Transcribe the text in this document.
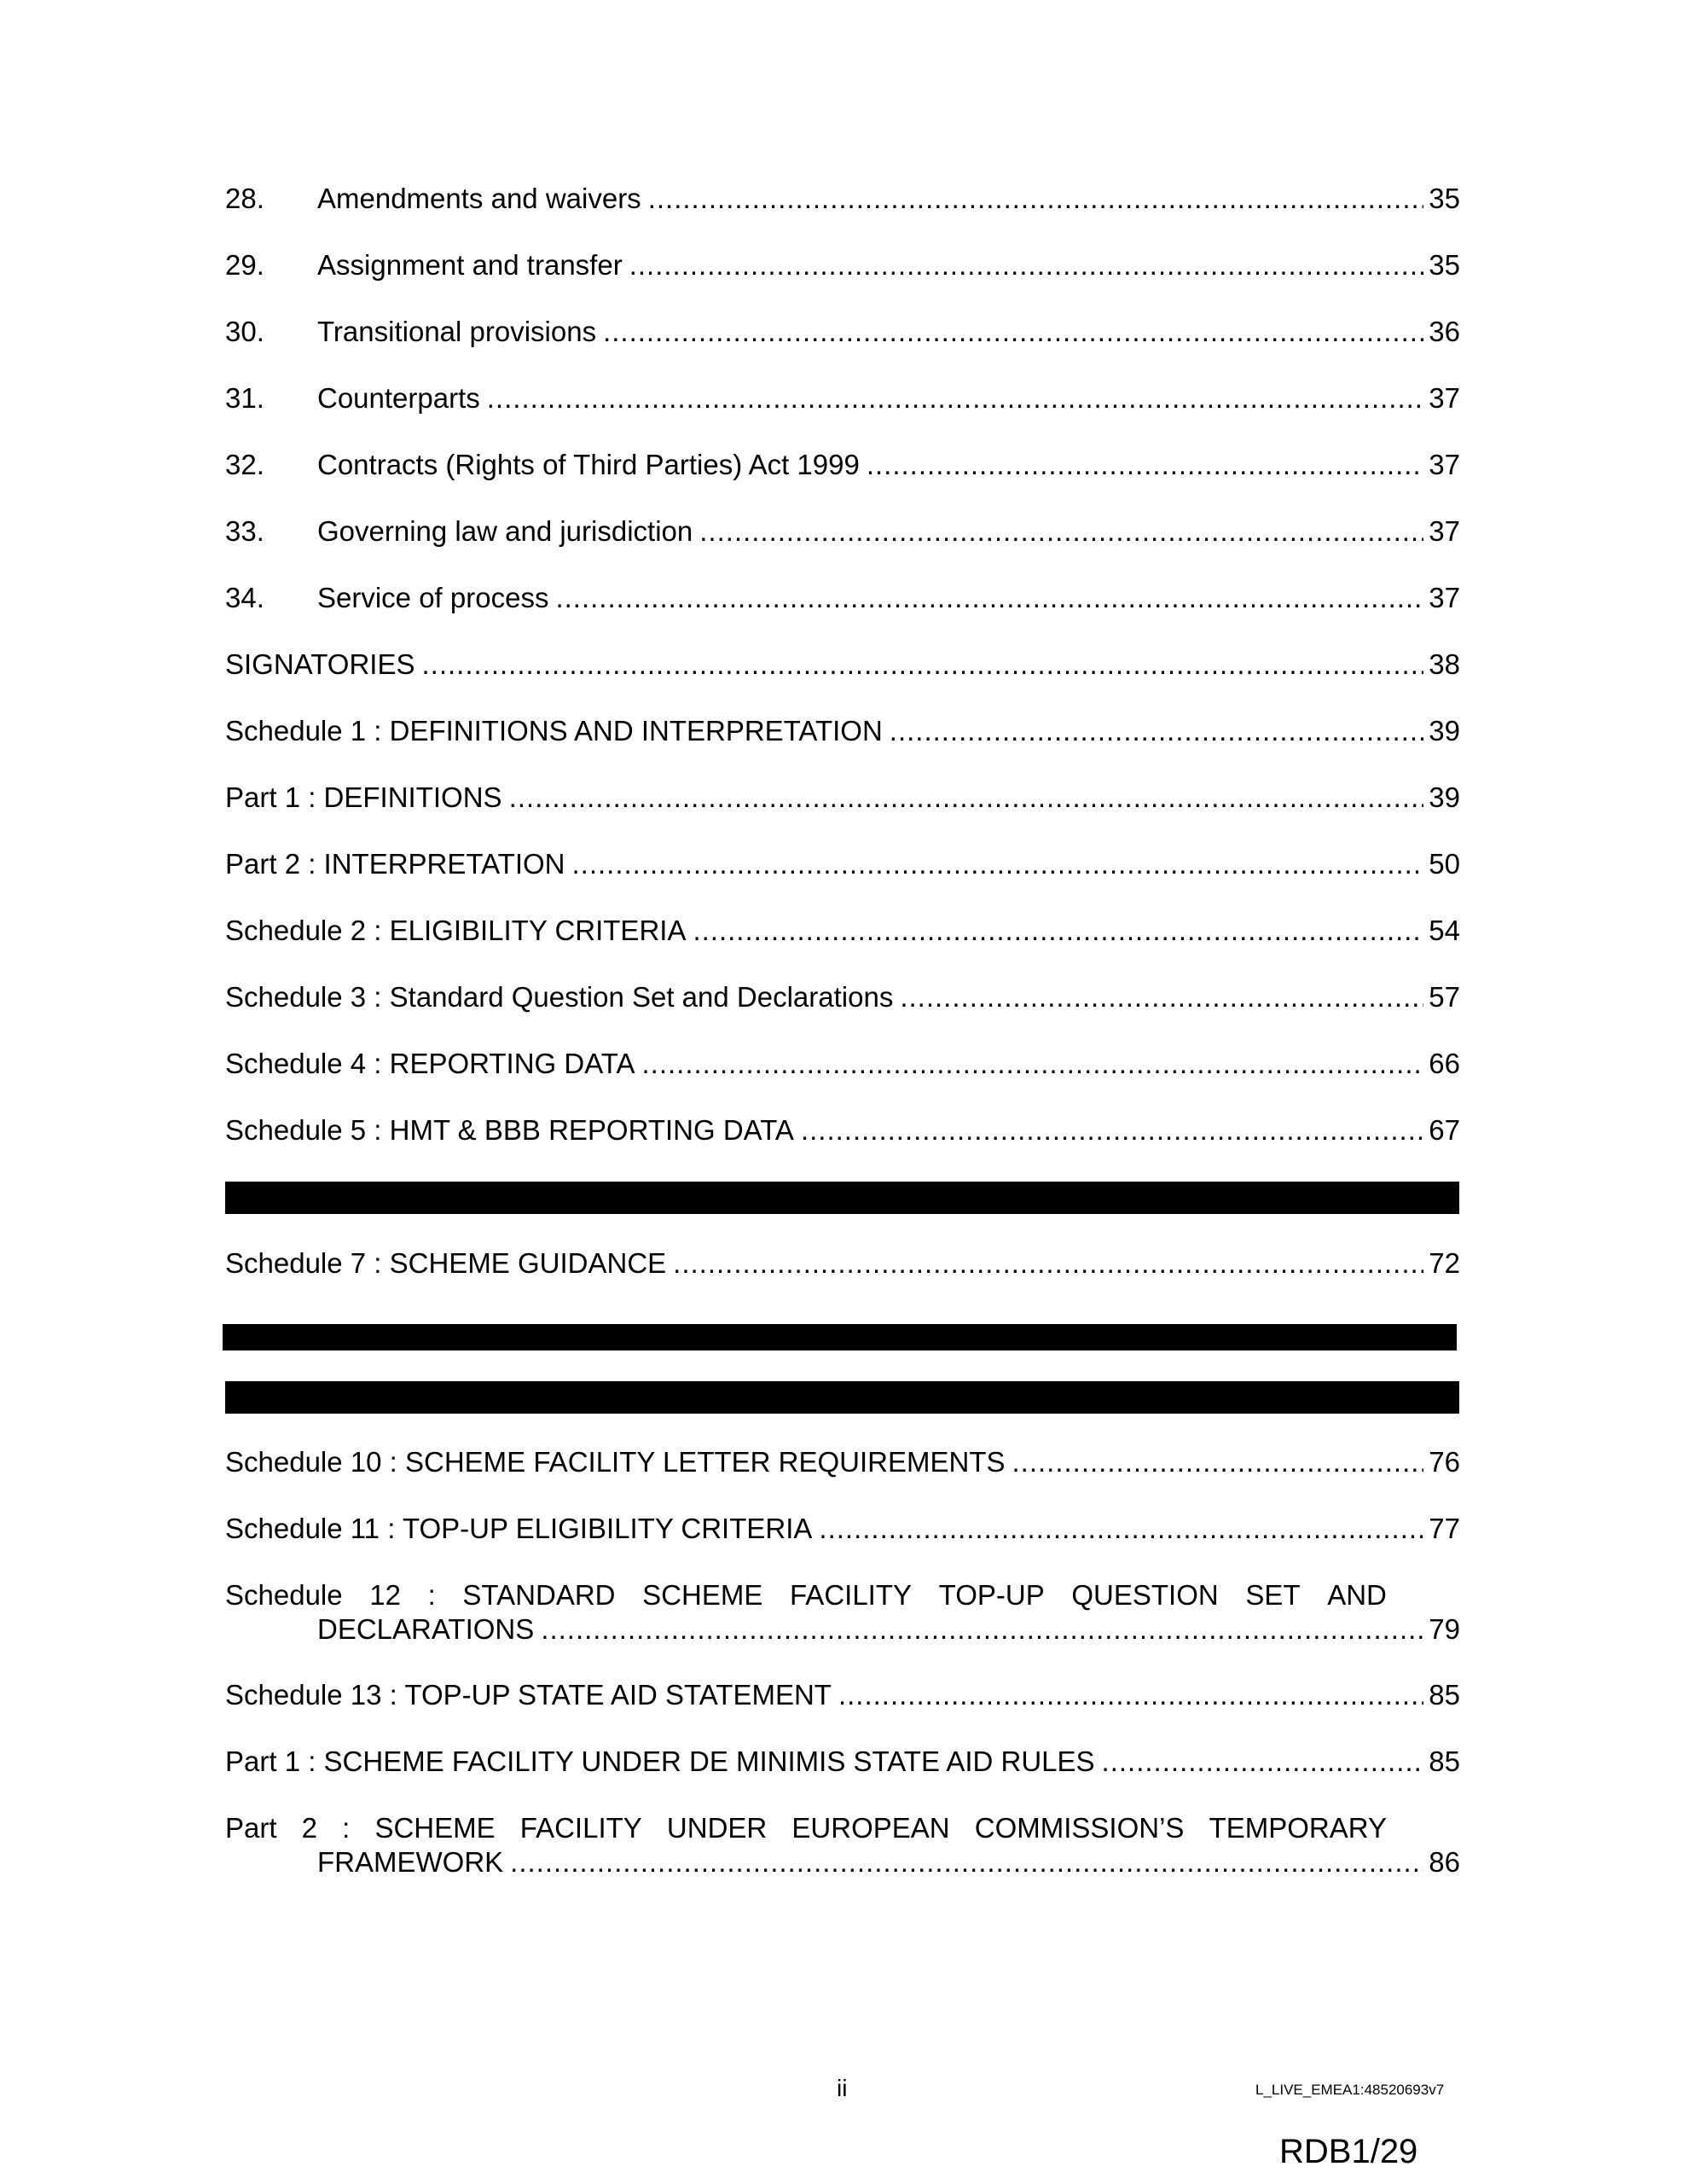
28.	Amendments and waivers .....	35
29.	Assignment and transfer .....	35
30.	Transitional provisions .....	36
31.	Counterparts .....	37
32.	Contracts (Rights of Third Parties) Act 1999 .....	37
33.	Governing law and jurisdiction .....	37
34.	Service of process .....	37
SIGNATORIES .....	38
Schedule 1 : DEFINITIONS AND INTERPRETATION .....	39
Part 1 : DEFINITIONS .....	39
Part 2 : INTERPRETATION .....	50
Schedule 2 : ELIGIBILITY CRITERIA .....	54
Schedule 3 : Standard Question Set and Declarations .....	57
Schedule 4 : REPORTING DATA .....	66
Schedule 5 : HMT & BBB REPORTING DATA .....	67
Schedule 7 : SCHEME GUIDANCE .....	72
Schedule 10 : SCHEME FACILITY LETTER REQUIREMENTS .....	76
Schedule 11 : TOP-UP ELIGIBILITY CRITERIA .....	77
Schedule 12 : STANDARD SCHEME FACILITY TOP-UP QUESTION SET AND
DECLARATIONS .....	79
Schedule 13 : TOP-UP STATE AID STATEMENT .....	85
Part 1 : SCHEME FACILITY UNDER DE MINIMIS STATE AID RULES .....	85
Part 2 : SCHEME FACILITY UNDER EUROPEAN COMMISSION’S TEMPORARY
FRAMEWORK .....	86
ii	L_LIVE_EMEA1:48520693v7
RDB1/29
